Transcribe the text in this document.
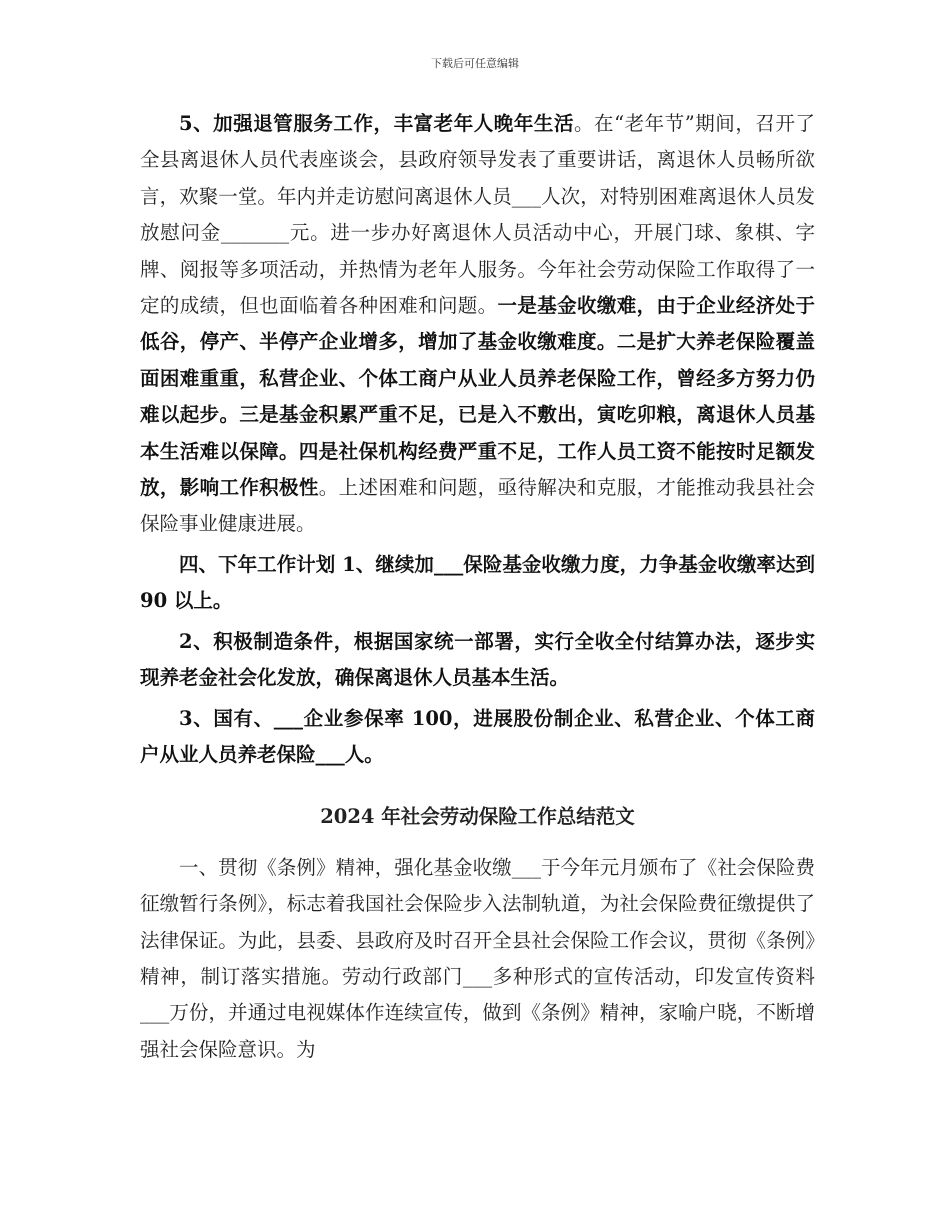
下载后可任意编辑

5、加强退管服务工作，丰富老年人晚年生活。在“老年节”期间，召开了全县离退休人员代表座谈会，县政府领导发表了重要讲话，离退休人员畅所欲言，欢聚一堂。年内并走访慰问离退休人员___人次，对特别困难离退休人员发放慰问金_______元。进一步办好离退休人员活动中心，开展门球、象棋、字牌、阅报等多项活动，并热情为老年人服务。今年社会劳动保险工作取得了一定的成绩，但也面临着各种困难和问题。一是基金收缴难，由于企业经济处于低谷，停产、半停产企业增多，增加了基金收缴难度。二是扩大养老保险覆盖面困难重重，私营企业、个体工商户从业人员养老保险工作，曾经多方努力仍难以起步。三是基金积累严重不足，已是入不敷出，寅吃卯粮，离退休人员基本生活难以保障。四是社保机构经费严重不足，工作人员工资不能按时足额发放，影响工作积极性。上述困难和问题，亟待解决和克服，才能推动我县社会保险事业健康进展。

四、下年工作计划 1、继续加___保险基金收缴力度，力争基金收缴率达到 90 以上。

2、积极制造条件，根据国家统一部署，实行全收全付结算办法，逐步实现养老金社会化发放，确保离退休人员基本生活。

3、国有、___企业参保率 100，进展股份制企业、私营企业、个体工商户从业人员养老保险___人。

2024 年社会劳动保险工作总结范文

一、贯彻《条例》精神，强化基金收缴___于今年元月颁布了《社会保险费征缴暂行条例》，标志着我国社会保险步入法制轨道，为社会保险费征缴提供了法律保证。为此，县委、县政府及时召开全县社会保险工作会议，贯彻《条例》精神，制订落实措施。劳动行政部门___多种形式的宣传活动，印发宣传资料___万份，并通过电视媒体作连续宣传，做到《条例》精神，家喻户晓，不断增强社会保险意识。为
